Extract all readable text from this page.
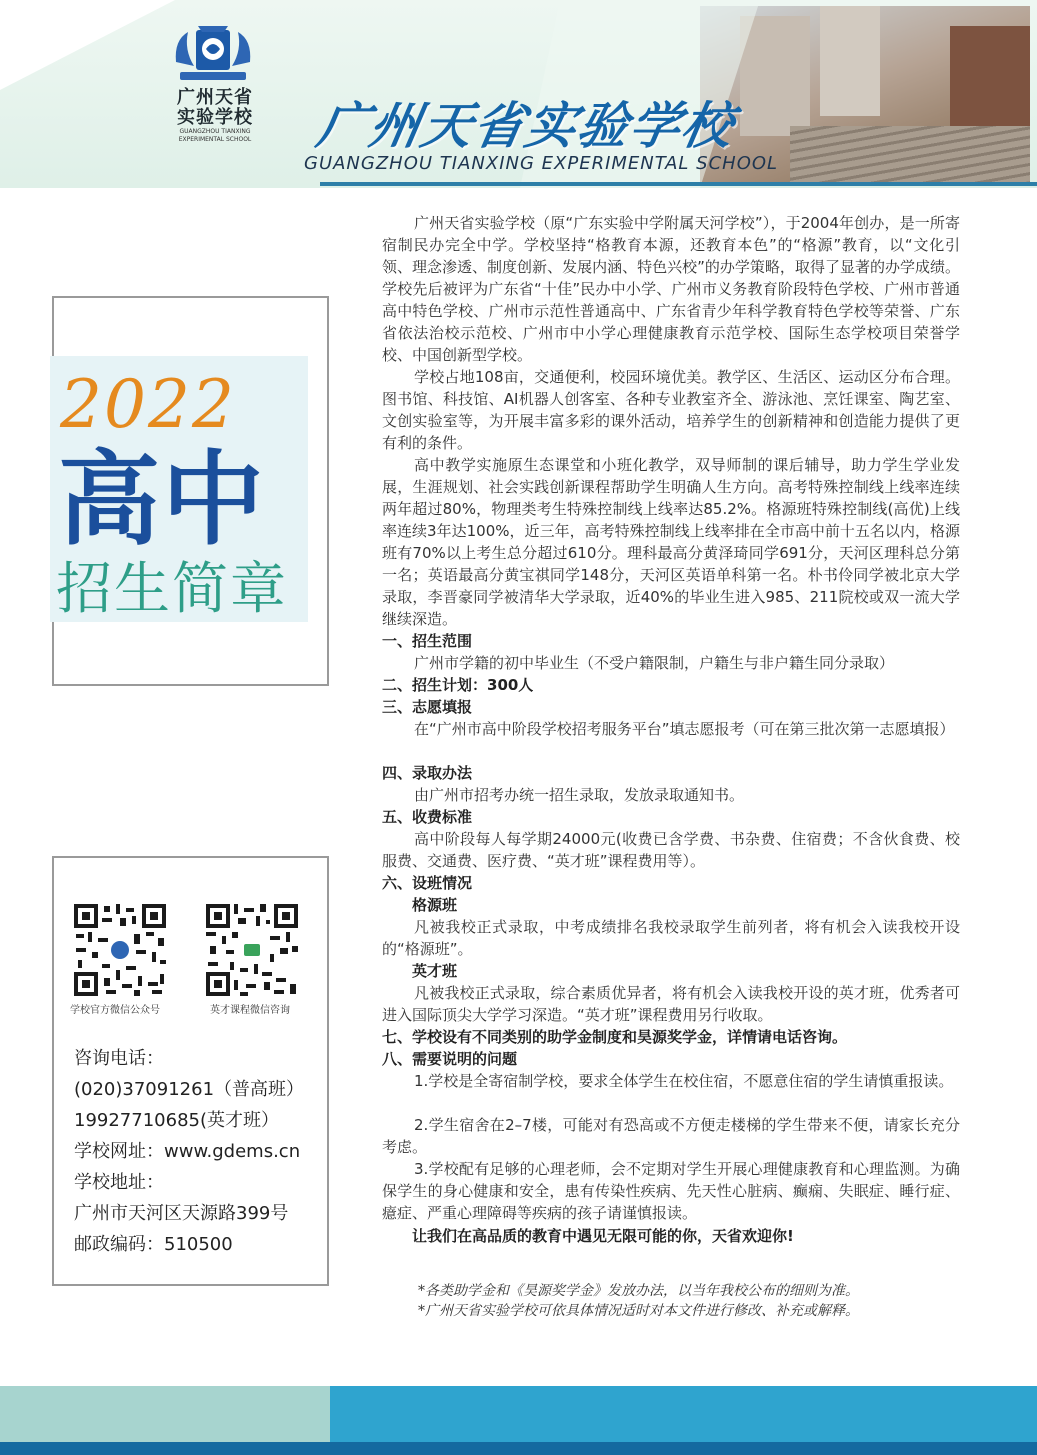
广州天省
实验学校
GUANGZHOU TIANXING
EXPERIMENTAL SCHOOL	广州天省实验学校
GUANGZHOU TIANXING EXPERIMENTAL SCHOOL
2022
高中
招生简章
学校官方微信公众号	英才课程微信咨询
咨询电话：
(020)37091261（普高班）
19927710685(英才班）
学校网址：www.gdems.cn
学校地址：
广州市天河区天源路399号
邮政编码：510500
广州天省实验学校（原“广东实验中学附属天河学校”），于2004年创办，是一所寄宿制民办完全中学。学校坚持“格教育本源，还教育本色”的“格源”教育，以“文化引领、理念渗透、制度创新、发展内涵、特色兴校”的办学策略，取得了显著的办学成绩。学校先后被评为广东省“十佳”民办中小学、广州市义务教育阶段特色学校、广州市普通高中特色学校、广州市示范性普通高中、广东省青少年科学教育特色学校等荣誉、广东省依法治校示范校、广州市中小学心理健康教育示范学校、国际生态学校项目荣誉学校、中国创新型学校。
学校占地108亩，交通便利，校园环境优美。教学区、生活区、运动区分布合理。图书馆、科技馆、AI机器人创客室、各种专业教室齐全、游泳池、烹饪课室、陶艺室、文创实验室等，为开展丰富多彩的课外活动，培养学生的创新精神和创造能力提供了更有利的条件。
高中教学实施原生态课堂和小班化教学，双导师制的课后辅导，助力学生学业发展，生涯规划、社会实践创新课程帮助学生明确人生方向。高考特殊控制线上线率连续两年超过80%，物理类考生特殊控制线上线率达85.2%。格源班特殊控制线(高优)上线率连续3年达100%，近三年，高考特殊控制线上线率排在全市高中前十五名以内，格源班有70%以上考生总分超过610分。理科最高分黄泽琦同学691分，天河区理科总分第一名；英语最高分黄宝祺同学148分，天河区英语单科第一名。朴书伶同学被北京大学录取，李晋豪同学被清华大学录取，近40%的毕业生进入985、211院校或双一流大学继续深造。
一、招生范围
广州市学籍的初中毕业生（不受户籍限制，户籍生与非户籍生同分录取）
二、招生计划：300人
三、志愿填报
在“广州市高中阶段学校招考服务平台”填志愿报考（可在第三批次第一志愿填报）
四、录取办法
由广州市招考办统一招生录取，发放录取通知书。
五、收费标准
高中阶段每人每学期24000元(收费已含学费、书杂费、住宿费；不含伙食费、校服费、交通费、医疗费、“英才班”课程费用等）。
六、设班情况
格源班
凡被我校正式录取，中考成绩排名我校录取学生前列者，将有机会入读我校开设的“格源班”。
英才班
凡被我校正式录取，综合素质优异者，将有机会入读我校开设的英才班，优秀者可进入国际顶尖大学学习深造。“英才班”课程费用另行收取。
七、学校设有不同类别的助学金制度和昊源奖学金，详情请电话咨询。
八、需要说明的问题
1.学校是全寄宿制学校，要求全体学生在校住宿，不愿意住宿的学生请慎重报读。
2.学生宿舍在2–7楼，可能对有恐高或不方便走楼梯的学生带来不便，请家长充分考虑。
3.学校配有足够的心理老师，会不定期对学生开展心理健康教育和心理监测。为确保学生的身心健康和安全，患有传染性疾病、先天性心脏病、癫痫、失眠症、睡行症、癔症、严重心理障碍等疾病的孩子请谨慎报读。
让我们在高品质的教育中遇见无限可能的你，天省欢迎你!
*各类助学金和《昊源奖学金》发放办法，以当年我校公布的细则为准。
*广州天省实验学校可依具体情况适时对本文件进行修改、补充或解释。
